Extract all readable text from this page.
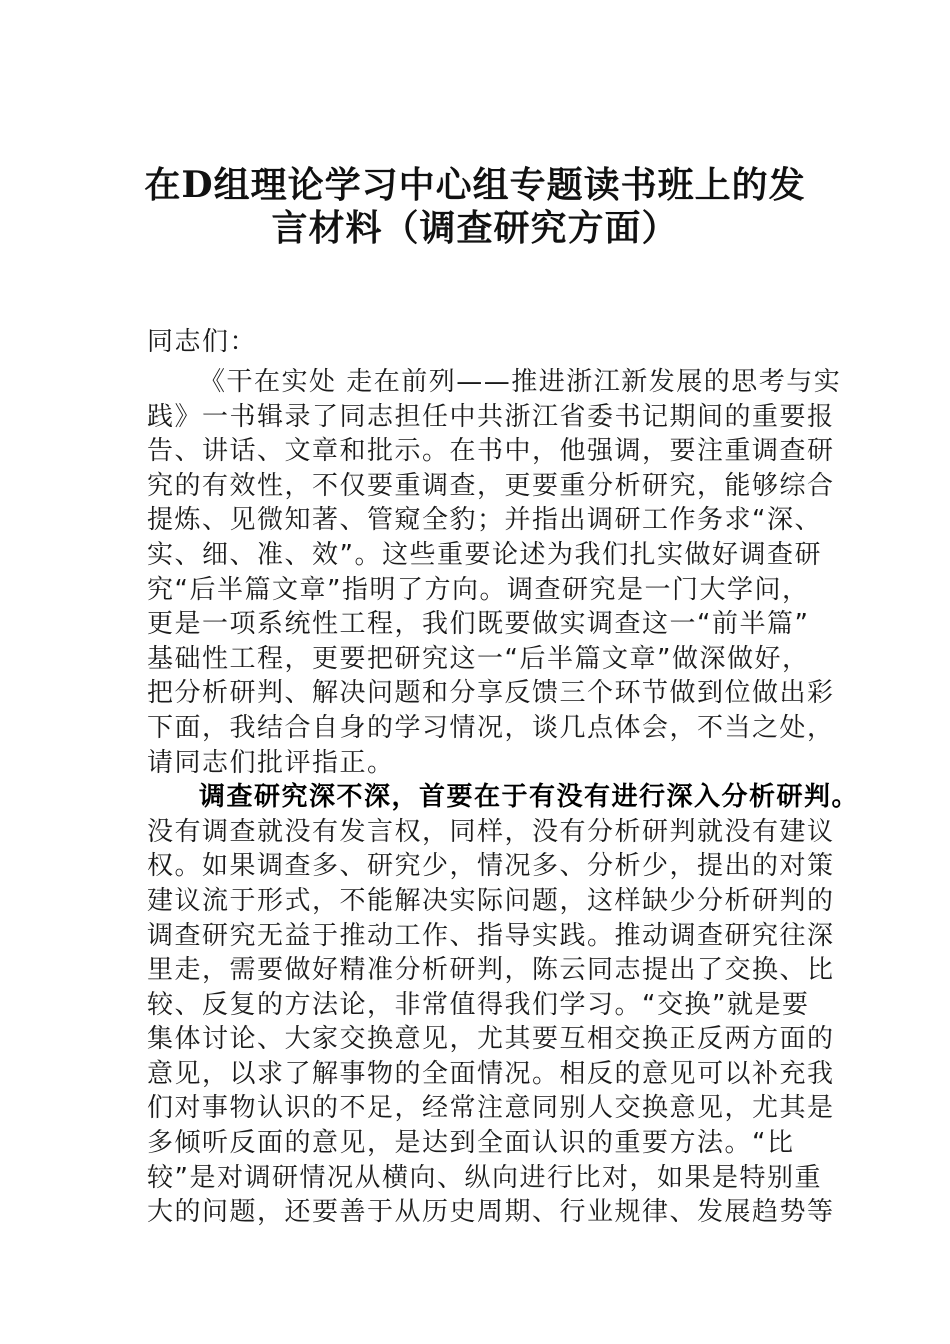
在D组理论学习中心组专题读书班上的发
言材料（调查研究方面）
同志们：
《干在实处 走在前列——推进浙江新发展的思考与实
践》一书辑录了同志担任中共浙江省委书记期间的重要报
告、讲话、文章和批示。在书中，他强调，要注重调查研
究的有效性，不仅要重调查，更要重分析研究，能够综合
提炼、见微知著、管窥全豹；并指出调研工作务求“深、
实、细、准、效”。这些重要论述为我们扎实做好调查研
究“后半篇文章”指明了方向。调查研究是一门大学问，
更是一项系统性工程，我们既要做实调查这一“前半篇”
基础性工程，更要把研究这一“后半篇文章”做深做好，
把分析研判、解决问题和分享反馈三个环节做到位做出彩
下面，我结合自身的学习情况，谈几点体会，不当之处，
请同志们批评指正。
调查研究深不深，首要在于有没有进行深入分析研判。
没有调查就没有发言权，同样，没有分析研判就没有建议
权。如果调查多、研究少，情况多、分析少，提出的对策
建议流于形式，不能解决实际问题，这样缺少分析研判的
调查研究无益于推动工作、指导实践。推动调查研究往深
里走，需要做好精准分析研判，陈云同志提出了交换、比
较、反复的方法论，非常值得我们学习。“交换”就是要
集体讨论、大家交换意见，尤其要互相交换正反两方面的
意见，以求了解事物的全面情况。相反的意见可以补充我
们对事物认识的不足，经常注意同别人交换意见，尤其是
多倾听反面的意见，是达到全面认识的重要方法。“比
较”是对调研情况从横向、纵向进行比对，如果是特别重
大的问题，还要善于从历史周期、行业规律、发展趋势等
